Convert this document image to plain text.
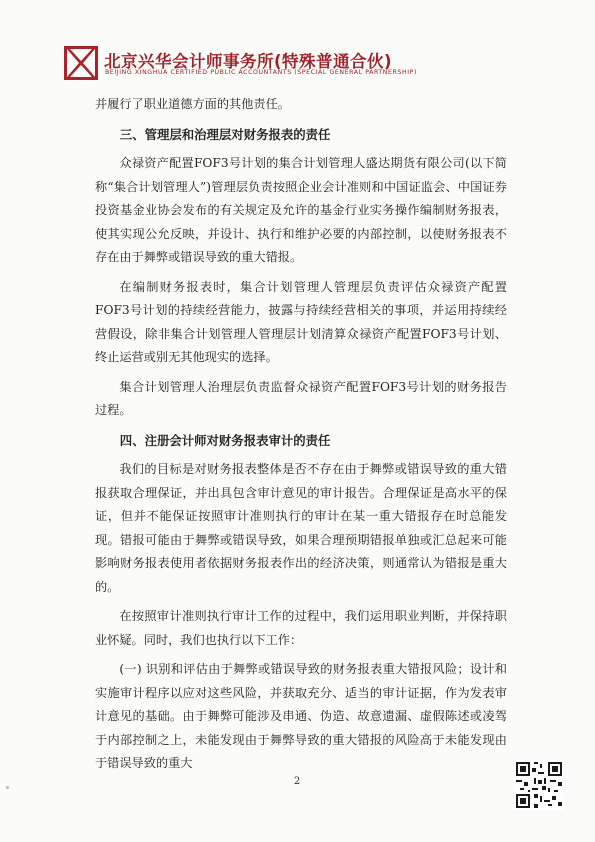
北京兴华会计师事务所(特殊普通合伙)
BEIJING XINGHUA CERTIFIED PUBLIC ACCOUNTANTS (SPECIAL GENERAL PARTNERSHIP)

并履行了职业道德方面的其他责任。

三、管理层和治理层对财务报表的责任

众禄资产配置FOF3号计划的集合计划管理人盛达期货有限公司(以下简称“集合计划管理人”)管理层负责按照企业会计准则和中国证监会、中国证券投资基金业协会发布的有关规定及允许的基金行业实务操作编制财务报表，使其实现公允反映，并设计、执行和维护必要的内部控制，以使财务报表不存在由于舞弊或错误导致的重大错报。

在编制财务报表时，集合计划管理人管理层负责评估众禄资产配置FOF3号计划的持续经营能力，披露与持续经营相关的事项，并运用持续经营假设，除非集合计划管理人管理层计划清算众禄资产配置FOF3号计划、终止运营或别无其他现实的选择。

集合计划管理人治理层负责监督众禄资产配置FOF3号计划的财务报告过程。

四、注册会计师对财务报表审计的责任

我们的目标是对财务报表整体是否不存在由于舞弊或错误导致的重大错报获取合理保证，并出具包含审计意见的审计报告。合理保证是高水平的保证，但并不能保证按照审计准则执行的审计在某一重大错报存在时总能发现。错报可能由于舞弊或错误导致，如果合理预期错报单独或汇总起来可能影响财务报表使用者依据财务报表作出的经济决策，则通常认为错报是重大的。

在按照审计准则执行审计工作的过程中，我们运用职业判断，并保持职业怀疑。同时，我们也执行以下工作：

(一) 识别和评估由于舞弊或错误导致的财务报表重大错报风险；设计和实施审计程序以应对这些风险，并获取充分、适当的审计证据，作为发表审计意见的基础。由于舞弊可能涉及串通、伪造、故意遗漏、虚假陈述或凌驾于内部控制之上，未能发现由于舞弊导致的重大错报的风险高于未能发现由于错误导致的重大

2
